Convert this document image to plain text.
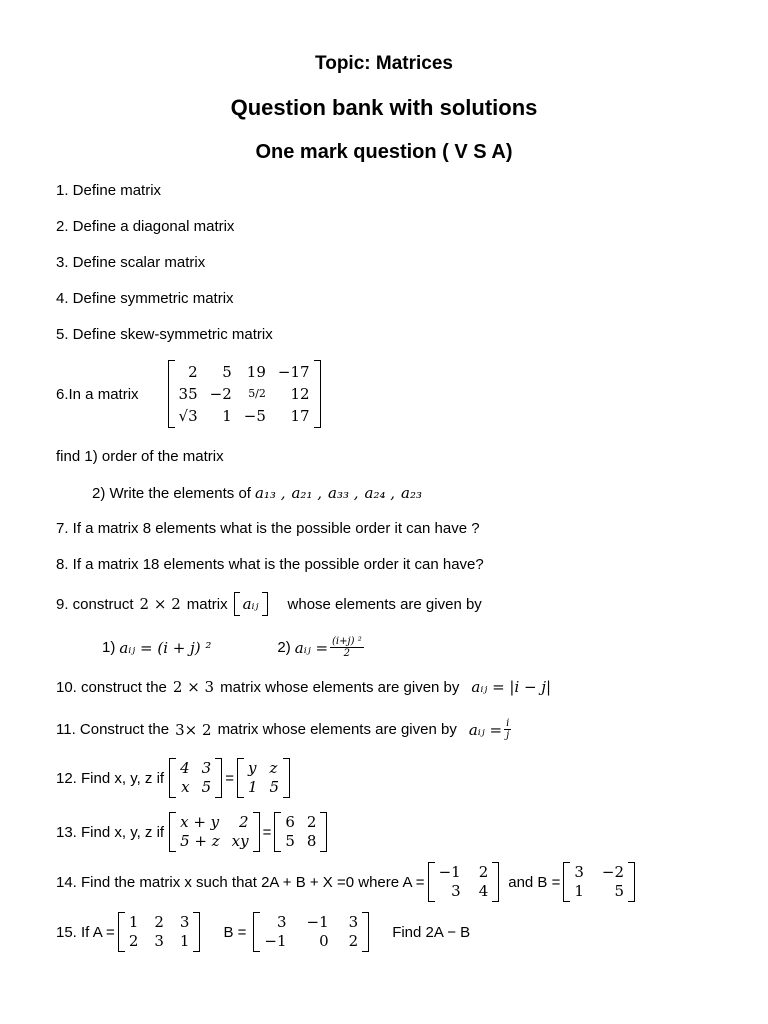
Topic: Matrices
Question bank with solutions
One mark question ( V S A)
1. Define matrix
2. Define a diagonal matrix
3. Define scalar matrix
4. Define symmetric matrix
5. Define skew-symmetric matrix
6.In a matrix
2	5 19 −17
35 −2	5/2	12
√3	1 −5	17
find 1) order of the matrix
2) Write the elements of a₁₃ , a₂₁ , a₃₃ , a₂₄ , a₂₃
7. If a matrix 8 elements what is the possible order it can have ?
8. If a matrix 18 elements what is the possible order it can have?
9. construct 2 × 2 matrix aᵢⱼ whose elements are given by
1) aᵢⱼ = (i + j) ²	2) aᵢⱼ = $\frac{\text{(i+j) ²}}{2}$
10. construct the 2 × 3 matrix whose elements are given by aᵢⱼ = |i − j|
11. Construct the 3× 2 matrix whose elements are given by aᵢⱼ = $\frac{i}{j}$
12. Find x, y, z if
4 3
x 5 =
y z
1 5
13. Find x, y, z if
x + y	2
5 + z xy =
6 2
5 8
14. Find the matrix x such that 2A + B + X =0 where A =
−1 2
3 4 and B =
3 −2
1	5
15. If A =
1 2 3
2 3 1 B =
3 −1 3
−1	0 2 Find 2A − B
